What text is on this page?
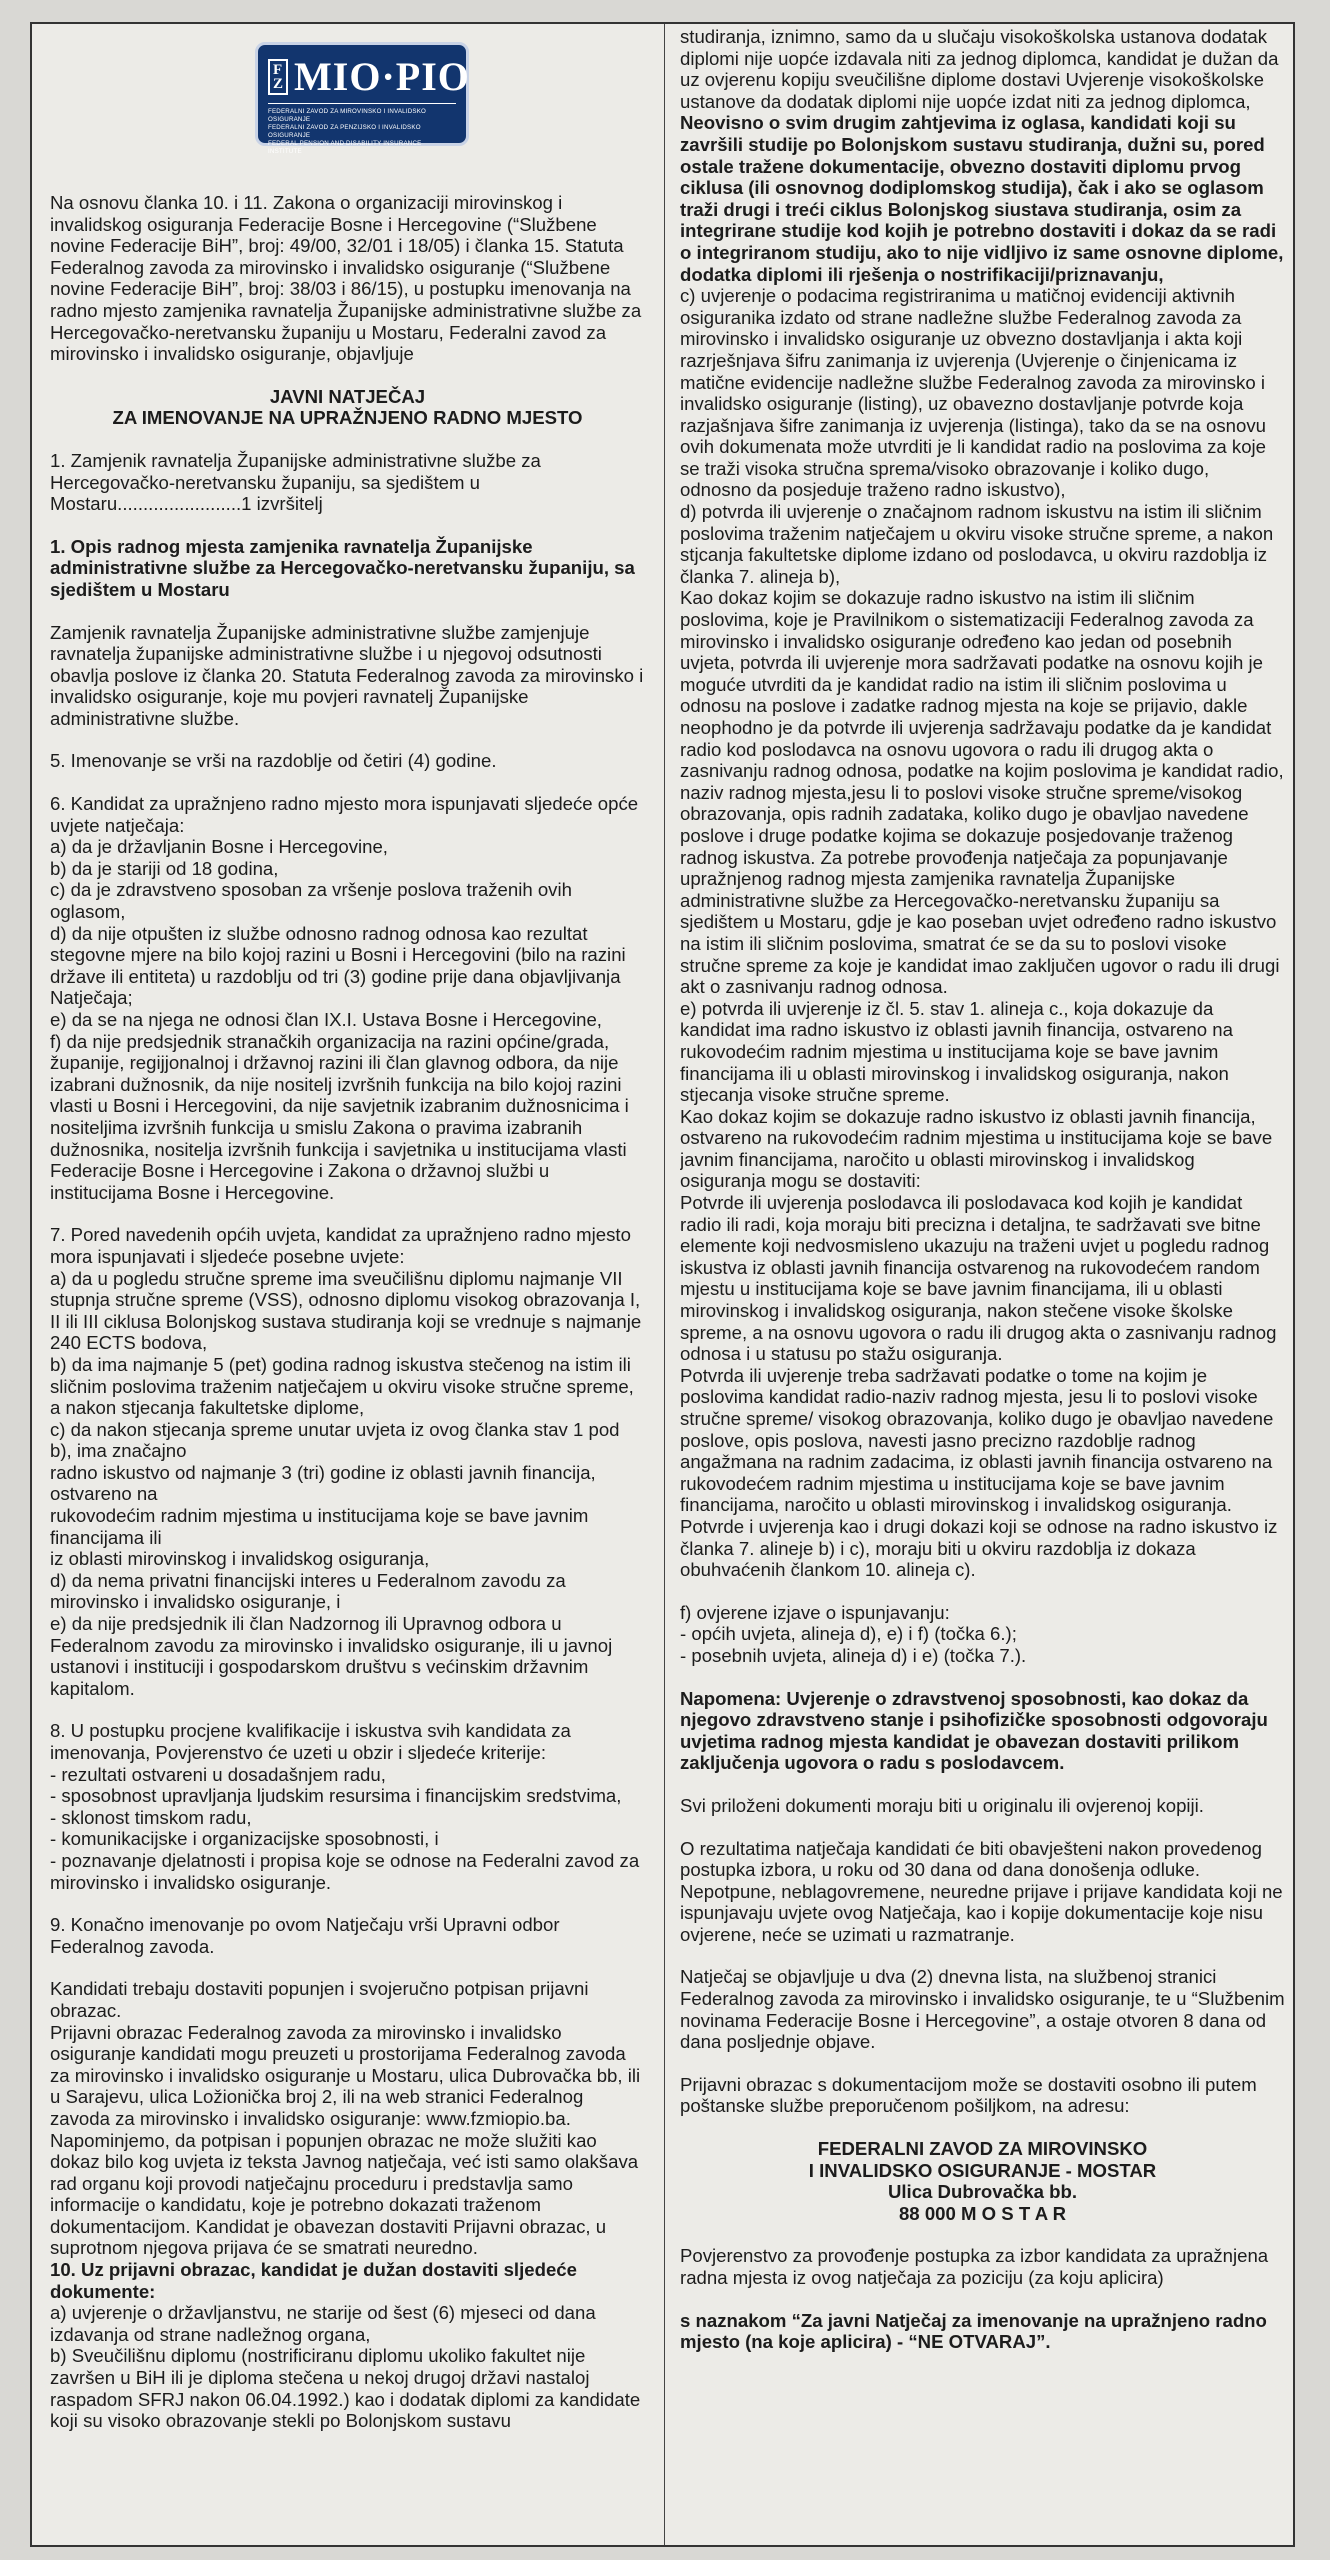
F Z MIO·PIO
FEDERALNI ZAVOD ZA MIROVINSKO I INVALIDSKO OSIGURANJE
FEDERALNI ZAVOD ZA PENZIJSKO I INVALIDSKO OSIGURANJE
FEDERAL PENSION AND DISABILITY INSURANCE INSTITUTE

Na osnovu članka 10. i 11. Zakona o organizaciji mirovinskog i invalidskog osiguranja Federacije Bosne i Hercegovine (“Službene novine Federacije BiH”, broj: 49/00, 32/01 i 18/05) i članka 15. Statuta Federalnog zavoda za mirovinsko i invalidsko osiguranje (“Službene novine Federacije BiH”, broj: 38/03 i 86/15), u postupku imenovanja na radno mjesto zamjenika ravnatelja Županijske administrativne službe za Hercegovačko-neretvansku županiju u Mostaru, Federalni zavod za mirovinsko i invalidsko osiguranje, objavljuje

JAVNI NATJEČAJ

ZA IMENOVANJE NA UPRAŽNJENO RADNO MJESTO

1. Zamjenik ravnatelja Županijske administrativne službe za Hercegovačko-neretvansku županiju, sa sjedištem u Mostaru........................1 izvršitelj

1. Opis radnog mjesta zamjenika ravnatelja Županijske administrativne službe za Hercegovačko-neretvansku županiju, sa sjedištem u Mostaru

Zamjenik ravnatelja Županijske administrativne službe zamjenjuje ravnatelja županijske administrativne službe i u njegovoj odsutnosti obavlja poslove iz članka 20. Statuta Federalnog zavoda za mirovinsko i invalidsko osiguranje, koje mu povjeri ravnatelj Županijske administrativne službe.

5. Imenovanje se vrši na razdoblje od četiri (4) godine.

6. Kandidat za upražnjeno radno mjesto mora ispunjavati sljedeće opće uvjete natječaja:

a) da je državljanin Bosne i Hercegovine,

b) da je stariji od 18 godina,

c) da je zdravstveno sposoban za vršenje poslova traženih ovih oglasom,

d) da nije otpušten iz službe odnosno radnog odnosa kao rezultat stegovne mjere na bilo kojoj razini u Bosni i Hercegovini (bilo na razini države ili entiteta) u razdoblju od tri (3) godine prije dana objavljivanja Natječaja;

e) da se na njega ne odnosi član IX.I. Ustava Bosne i Hercegovine,

f) da nije predsjednik stranačkih organizacija na razini općine/grada, županije, regijjonalnoj i državnoj razini ili član glavnog odbora, da nije izabrani dužnosnik, da nije nositelj izvršnih funkcija na bilo kojoj razini vlasti u Bosni i Hercegovini, da nije savjetnik izabranim dužnosnicima i nositeljima izvršnih funkcija u smislu Zakona o pravima izabranih dužnosnika, nositelja izvršnih funkcija i savjetnika u institucijama vlasti Federacije Bosne i Hercegovine i Zakona o državnoj službi u institucijama Bosne i Hercegovine.

7. Pored navedenih općih uvjeta, kandidat za upražnjeno radno mjesto mora ispunjavati i sljedeće posebne uvjete:

a) da u pogledu stručne spreme ima sveučilišnu diplomu najmanje VII stupnja stručne spreme (VSS), odnosno diplomu visokog obrazovanja I, II ili III ciklusa Bolonjskog sustava studiranja koji se vrednuje s najmanje 240 ECTS bodova,

b) da ima najmanje 5 (pet) godina radnog iskustva stečenog na istim ili sličnim poslovima traženim natječajem u okviru visoke stručne spreme, a nakon stjecanja fakultetske diplome,

c) da nakon stjecanja spreme unutar uvjeta iz ovog članka stav 1 pod b), ima značajno

radno iskustvo od najmanje 3 (tri) godine iz oblasti javnih financija, ostvareno na

rukovodećim radnim mjestima u institucijama koje se bave javnim financijama ili

iz oblasti mirovinskog i invalidskog osiguranja,

d) da nema privatni financijski interes u Federalnom zavodu za mirovinsko i invalidsko osiguranje, i

e) da nije predsjednik ili član Nadzornog ili Upravnog odbora u Federalnom zavodu za mirovinsko i invalidsko osiguranje, ili u javnoj ustanovi i instituciji i gospodarskom društvu s većinskim državnim kapitalom.

8. U postupku procjene kvalifikacije i iskustva svih kandidata za imenovanja, Povjerenstvo će uzeti u obzir i sljedeće kriterije:

- rezultati ostvareni u dosadašnjem radu,

- sposobnost upravljanja ljudskim resursima i financijskim sredstvima,

- sklonost timskom radu,

- komunikacijske i organizacijske sposobnosti, i

- poznavanje djelatnosti i propisa koje se odnose na Federalni zavod za mirovinsko i invalidsko osiguranje.

9. Konačno imenovanje po ovom Natječaju vrši Upravni odbor Federalnog zavoda.

Kandidati trebaju dostaviti popunjen i svojeručno potpisan prijavni obrazac.

Prijavni obrazac Federalnog zavoda za mirovinsko i invalidsko osiguranje kandidati mogu preuzeti u prostorijama Federalnog zavoda za mirovinsko i invalidsko osiguranje u Mostaru, ulica Dubrovačka bb, ili u Sarajevu, ulica Ložionička broj 2, ili na web stranici Federalnog zavoda za mirovinsko i invalidsko osiguranje: www.fzmiopio.ba.

Napominjemo, da potpisan i popunjen obrazac ne može služiti kao dokaz bilo kog uvjeta iz teksta Javnog natječaja, već isti samo olakšava rad organu koji provodi natječajnu proceduru i predstavlja samo informacije o kandidatu, koje je potrebno dokazati traženom dokumentacijom. Kandidat je obavezan dostaviti Prijavni obrazac, u suprotnom njegova prijava će se smatrati neuredno.

10. Uz prijavni obrazac, kandidat je dužan dostaviti sljedeće dokumente:

a) uvjerenje o državljanstvu, ne starije od šest (6) mjeseci od dana izdavanja od strane nadležnog organa,

b) Sveučilišnu diplomu (nostrificiranu diplomu ukoliko fakultet nije završen u BiH ili je diploma stečena u nekoj drugoj državi nastaloj raspadom SFRJ nakon 06.04.1992.) kao i dodatak diplomi za kandidate koji su visoko obrazovanje stekli po Bolonjskom sustavu

studiranja, iznimno, samo da u slučaju visokoškolska ustanova dodatak diplomi nije uopće izdavala niti za jednog diplomca, kandidat je dužan da uz ovjerenu kopiju sveučilišne diplome dostavi Uvjerenje visokoškolske ustanove da dodatak diplomi nije uopće izdat niti za jednog diplomca,

Neovisno o svim drugim zahtjevima iz oglasa, kandidati koji su završili studije po Bolonjskom sustavu studiranja, dužni su, pored ostale tražene dokumentacije, obvezno dostaviti diplomu prvog ciklusa (ili osnovnog dodiplomskog studija), čak i ako se oglasom traži drugi i treći ciklus Bolonjskog siustava studiranja, osim za integrirane studije kod kojih je potrebno dostaviti i dokaz da se radi o integriranom studiju, ako to nije vidljivo iz same osnovne diplome, dodatka diplomi ili rješenja o nostrifikaciji/priznavanju,

c) uvjerenje o podacima registriranima u matičnoj evidenciji aktivnih osiguranika izdato od strane nadležne službe Federalnog zavoda za mirovinsko i invalidsko osiguranje uz obvezno dostavljanja i akta koji razrješnjava šifru zanimanja iz uvjerenja (Uvjerenje o činjenicama iz matične evidencije nadležne službe Federalnog zavoda za mirovinsko i invalidsko osiguranje (listing), uz obavezno dostavljanje potvrde koja razjašnjava šifre zanimanja iz uvjerenja (listinga), tako da se na osnovu ovih dokumenata može utvrditi je li kandidat radio na poslovima za koje se traži visoka stručna sprema/visoko obrazovanje i koliko dugo, odnosno da posjeduje traženo radno iskustvo),

d) potvrda ili uvjerenje o značajnom radnom iskustvu na istim ili sličnim poslovima traženim natječajem u okviru visoke stručne spreme, a nakon stjcanja fakultetske diplome izdano od poslodavca, u okviru razdoblja iz članka 7. alineja b),

Kao dokaz kojim se dokazuje radno iskustvo na istim ili sličnim poslovima, koje je Pravilnikom o sistematizaciji Federalnog zavoda za mirovinsko i invalidsko osiguranje određeno kao jedan od posebnih uvjeta, potvrda ili uvjerenje mora sadržavati podatke na osnovu kojih je moguće utvrditi da je kandidat radio na istim ili sličnim poslovima u odnosu na poslove i zadatke radnog mjesta na koje se prijavio, dakle neophodno je da potvrde ili uvjerenja sadržavaju podatke da je kandidat radio kod poslodavca na osnovu ugovora o radu ili drugog akta o zasnivanju radnog odnosa, podatke na kojim poslovima je kandidat radio, naziv radnog mjesta,jesu li to poslovi visoke stručne spreme/visokog obrazovanja, opis radnih zadataka, koliko dugo je obavljao navedene poslove i druge podatke kojima se dokazuje posjedovanje traženog radnog iskustva. Za potrebe provođenja natječaja za popunjavanje upražnjenog radnog mjesta zamjenika ravnatelja Županijske administrativne službe za Hercegovačko-neretvansku županiju sa sjedištem u Mostaru, gdje je kao poseban uvjet određeno radno iskustvo na istim ili sličnim poslovima, smatrat će se da su to poslovi visoke stručne spreme za koje je kandidat imao zaključen ugovor o radu ili drugi akt o zasnivanju radnog odnosa.

e) potvrda ili uvjerenje iz čl. 5. stav 1. alineja c., koja dokazuje da kandidat ima radno iskustvo iz oblasti javnih financija, ostvareno na rukovodećim radnim mjestima u institucijama koje se bave javnim financijama ili u oblasti mirovinskog i invalidskog osiguranja, nakon stjecanja visoke stručne spreme.

Kao dokaz kojim se dokazuje radno iskustvo iz oblasti javnih financija, ostvareno na rukovodećim radnim mjestima u institucijama koje se bave javnim financijama, naročito u oblasti mirovinskog i invalidskog osiguranja mogu se dostaviti:

Potvrde ili uvjerenja poslodavca ili poslodavaca kod kojih je kandidat radio ili radi, koja moraju biti precizna i detaljna, te sadržavati sve bitne elemente koji nedvosmisleno ukazuju na traženi uvjet u pogledu radnog iskustva iz oblasti javnih financija ostvarenog na rukovodećem random mjestu u institucijama koje se bave javnim financijama, ili u oblasti mirovinskog i invalidskog osiguranja, nakon stečene visoke školske spreme, a na osnovu ugovora o radu ili drugog akta o zasnivanju radnog odnosa i u statusu po stažu osiguranja.

Potvrda ili uvjerenje treba sadržavati podatke o tome na kojim je poslovima kandidat radio-naziv radnog mjesta, jesu li to poslovi visoke stručne spreme/ visokog obrazovanja, koliko dugo je obavljao navedene poslove, opis poslova, navesti jasno precizno razdoblje radnog angažmana na radnim zadacima, iz oblasti javnih financija ostvareno na rukovodećem radnim mjestima u institucijama koje se bave javnim financijama, naročito u oblasti mirovinskog i invalidskog osiguranja.

Potvrde i uvjerenja kao i drugi dokazi koji se odnose na radno iskustvo iz članka 7. alineje b) i c), moraju biti u okviru razdoblja iz dokaza obuhvaćenih člankom 10. alineja c).

f) ovjerene izjave o ispunjavanju:

- općih uvjeta, alineja d), e) i f) (točka 6.);

- posebnih uvjeta, alineja d) i e) (točka 7.).

Napomena: Uvjerenje o zdravstvenoj sposobnosti, kao dokaz da njegovo zdravstveno stanje i psihofizičke sposobnosti odgovoraju uvjetima radnog mjesta kandidat je obavezan dostaviti prilikom zaključenja ugovora o radu s poslodavcem.

Svi priloženi dokumenti moraju biti u originalu ili ovjerenoj kopiji.

O rezultatima natječaja kandidati će biti obavješteni nakon provedenog postupka izbora, u roku od 30 dana od dana donošenja odluke.

Nepotpune, neblagovremene, neuredne prijave i prijave kandidata koji ne ispunjavaju uvjete ovog Natječaja, kao i kopije dokumentacije koje nisu ovjerene, neće se uzimati u razmatranje.

Natječaj se objavljuje u dva (2) dnevna lista, na službenoj stranici Federalnog zavoda za mirovinsko i invalidsko osiguranje, te u “Službenim novinama Federacije Bosne i Hercegovine”, a ostaje otvoren 8 dana od dana posljednje objave.

Prijavni obrazac s dokumentacijom može se dostaviti osobno ili putem poštanske službe preporučenom pošiljkom, na adresu:

FEDERALNI ZAVOD ZA MIROVINSKO

I INVALIDSKO OSIGURANJE - MOSTAR

Ulica Dubrovačka bb.

88 000 M O S T A R

Povjerenstvo za provođenje postupka za izbor kandidata za upražnjena radna mjesta iz ovog natječaja za poziciju (za koju aplicira)

s naznakom “Za javni Natječaj za imenovanje na upražnjeno radno mjesto (na koje aplicira) - “NE OTVARAJ”.
